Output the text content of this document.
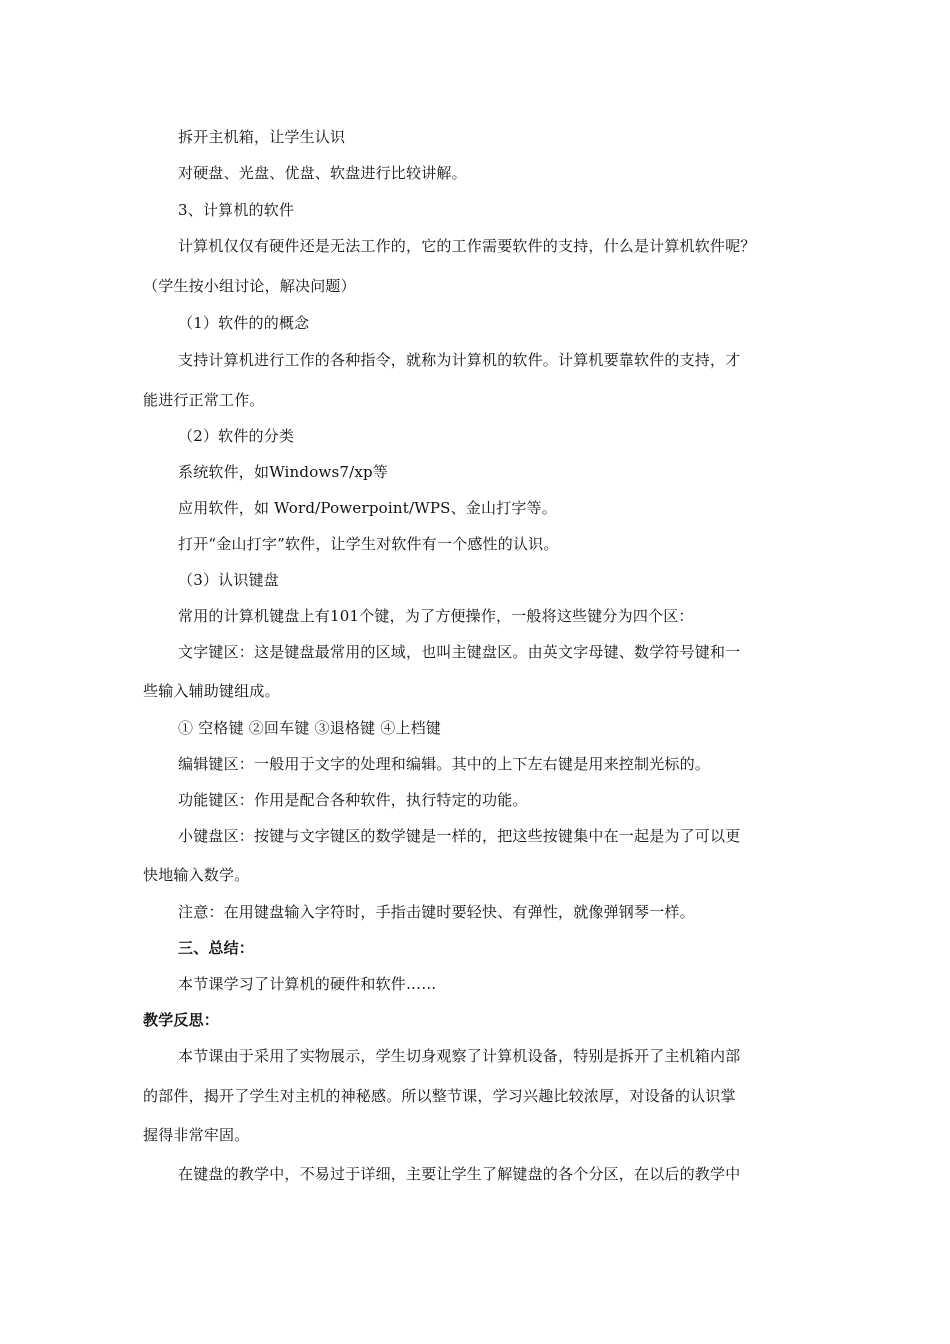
拆开主机箱，让学生认识
对硬盘、光盘、优盘、软盘进行比较讲解。
3、计算机的软件
计算机仅仅有硬件还是无法工作的，它的工作需要软件的支持，什么是计算机软件呢？
（学生按小组讨论，解决问题）
（1）软件的的概念
支持计算机进行工作的各种指令，就称为计算机的软件。计算机要靠软件的支持，才
能进行正常工作。
（2）软件的分类
系统软件，如Windows7/xp等
应用软件，如 Word/Powerpoint/WPS、金山打字等。
打开“金山打字”软件，让学生对软件有一个感性的认识。
（3）认识键盘
常用的计算机键盘上有101个键，为了方便操作，一般将这些键分为四个区：
文字键区：这是键盘最常用的区域，也叫主键盘区。由英文字母键、数学符号键和一
些输入辅助键组成。
① 空格键 ②回车键 ③退格键 ④上档键
编辑键区：一般用于文字的处理和编辑。其中的上下左右键是用来控制光标的。
功能键区：作用是配合各种软件，执行特定的功能。
小键盘区：按键与文字键区的数学键是一样的，把这些按键集中在一起是为了可以更
快地输入数学。
注意：在用键盘输入字符时，手指击键时要轻快、有弹性，就像弹钢琴一样。
三、总结：
本节课学习了计算机的硬件和软件……
教学反思：
本节课由于采用了实物展示，学生切身观察了计算机设备，特别是拆开了主机箱内部
的部件，揭开了学生对主机的神秘感。所以整节课，学习兴趣比较浓厚，对设备的认识掌
握得非常牢固。
在键盘的教学中，不易过于详细，主要让学生了解键盘的各个分区，在以后的教学中
